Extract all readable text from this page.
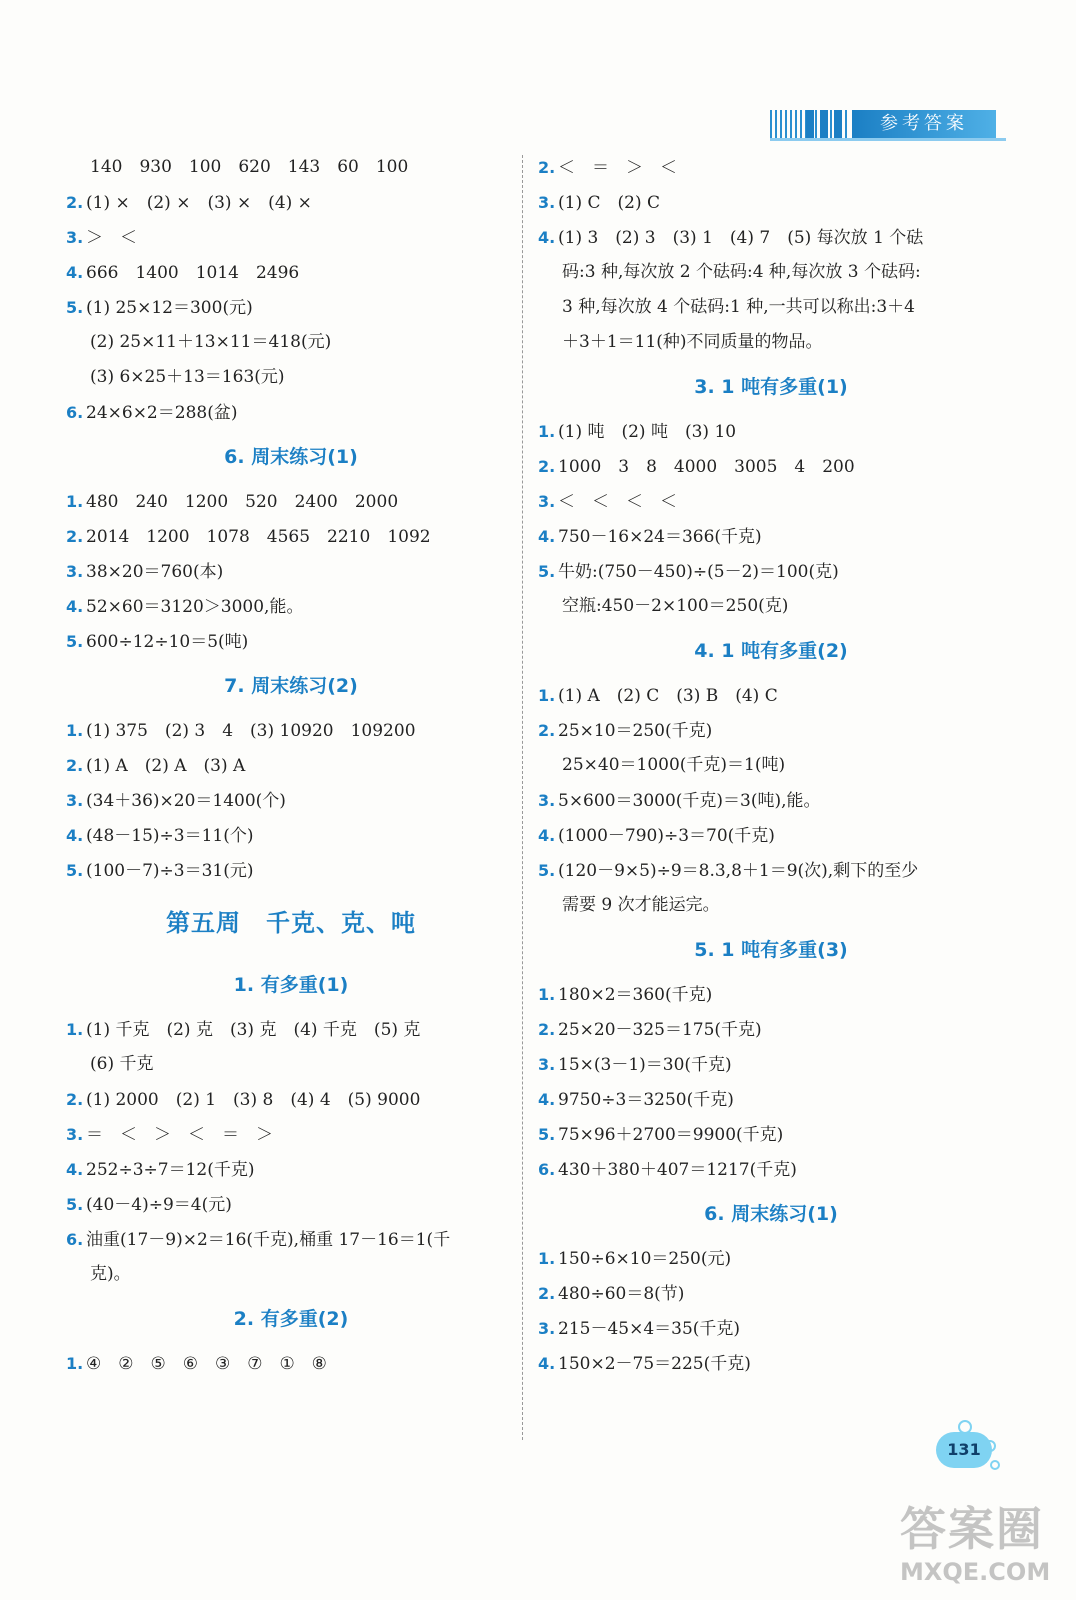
参考答案
140　930　100　620　143　60　100
2. (1) ×　(2) ×　(3) ×　(4) ×
3. ＞　＜
4. 666　1400　1014　2496
5. (1) 25×12＝300(元)
(2) 25×11＋13×11＝418(元)
(3) 6×25＋13＝163(元)
6. 24×6×2＝288(盆)
6. 周末练习(1)
1. 480　240　1200　520　2400　2000
2. 2014　1200　1078　4565　2210　1092
3. 38×20＝760(本)
4. 52×60＝3120＞3000,能。
5. 600÷12÷10＝5(吨)
7. 周末练习(2)
1. (1) 375　(2) 3　4　(3) 10920　109200
2. (1) A　(2) A　(3) A
3. (34＋36)×20＝1400(个)
4. (48－15)÷3＝11(个)
5. (100－7)÷3＝31(元)
第五周　千克、克、吨
1. 有多重(1)
1. (1) 千克　(2) 克　(3) 克　(4) 千克　(5) 克
(6) 千克
2. (1) 2000　(2) 1　(3) 8　(4) 4　(5) 9000
3. ＝　＜　＞　＜　＝　＞
4. 252÷3÷7＝12(千克)
5. (40－4)÷9＝4(元)
6. 油重(17－9)×2＝16(千克),桶重 17－16＝1(千
克)。
2. 有多重(2)
1. ④　②　⑤　⑥　③　⑦　①　⑧
2. ＜　＝　＞　＜
3. (1) C　(2) C
4. (1) 3　(2) 3　(3) 1　(4) 7　(5) 每次放 1 个砝
码:3 种,每次放 2 个砝码:4 种,每次放 3 个砝码:
3 种,每次放 4 个砝码:1 种,一共可以称出:3＋4
＋3＋1＝11(种)不同质量的物品。
3. 1 吨有多重(1)
1. (1) 吨　(2) 吨　(3) 10
2. 1000　3　8　4000　3005　4　200
3. ＜　＜　＜　＜
4. 750－16×24＝366(千克)
5. 牛奶:(750－450)÷(5－2)＝100(克)
空瓶:450－2×100＝250(克)
4. 1 吨有多重(2)
1. (1) A　(2) C　(3) B　(4) C
2. 25×10＝250(千克)
25×40＝1000(千克)＝1(吨)
3. 5×600＝3000(千克)＝3(吨),能。
4. (1000－790)÷3＝70(千克)
5. (120－9×5)÷9＝8.3,8＋1＝9(次),剩下的至少
需要 9 次才能运完。
5. 1 吨有多重(3)
1. 180×2＝360(千克)
2. 25×20－325＝175(千克)
3. 15×(3－1)＝30(千克)
4. 9750÷3＝3250(千克)
5. 75×96＋2700＝9900(千克)
6. 430＋380＋407＝1217(千克)
6. 周末练习(1)
1. 150÷6×10＝250(元)
2. 480÷60＝8(节)
3. 215－45×4＝35(千克)
4. 150×2－75＝225(千克)
131
答案圈
MXQE.COM
